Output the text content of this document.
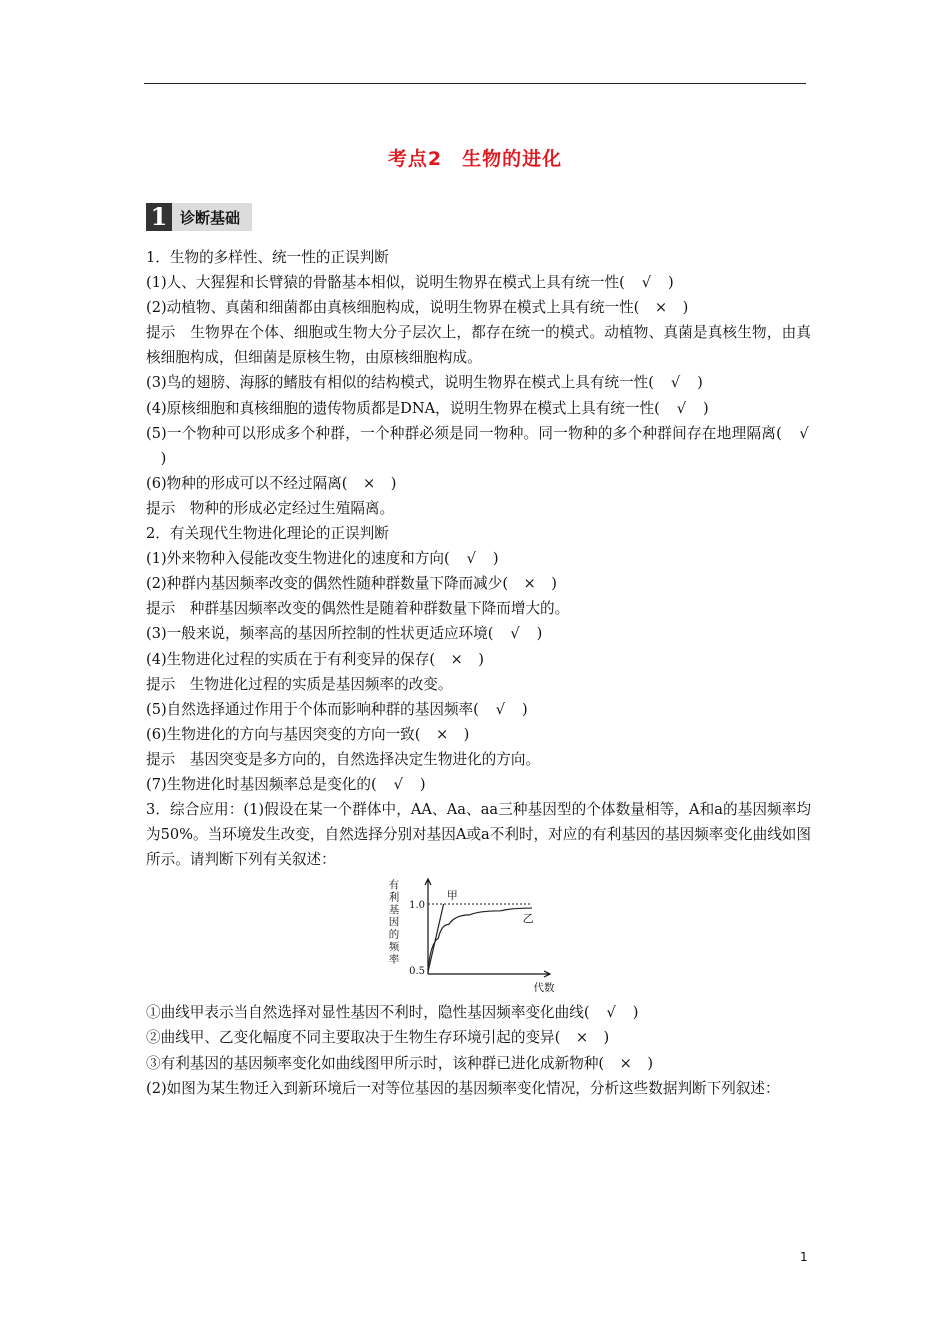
考点2　生物的进化
1 诊断基础
1．生物的多样性、统一性的正误判断
(1)人、大猩猩和长臂猿的骨骼基本相似，说明生物界在模式上具有统一性(　 √　)
(2)动植物、真菌和细菌都由真核细胞构成，说明生物界在模式上具有统一性(　 ×　)
提示　生物界在个体、细胞或生物大分子层次上，都存在统一的模式。动植物、真菌是真核生物，由真核细胞构成，但细菌是原核生物，由原核细胞构成。
(3)鸟的翅膀、海豚的鳍肢有相似的结构模式，说明生物界在模式上具有统一性(　 √　)
(4)原核细胞和真核细胞的遗传物质都是DNA，说明生物界在模式上具有统一性(　 √　)
(5)一个物种可以形成多个种群，一个种群必须是同一物种。同一物种的多个种群间存在地理隔离(　 √　)
(6)物种的形成可以不经过隔离(　 ×　)
提示　物种的形成必定经过生殖隔离。
2．有关现代生物进化理论的正误判断
(1)外来物种入侵能改变生物进化的速度和方向(　 √　)
(2)种群内基因频率改变的偶然性随种群数量下降而减少(　 ×　)
提示　种群基因频率改变的偶然性是随着种群数量下降而增大的。
(3)一般来说，频率高的基因所控制的性状更适应环境(　 √　)
(4)生物进化过程的实质在于有利变异的保存(　 ×　)
提示　生物进化过程的实质是基因频率的改变。
(5)自然选择通过作用于个体而影响种群的基因频率(　 √　)
(6)生物进化的方向与基因突变的方向一致(　 ×　)
提示　基因突变是多方向的，自然选择决定生物进化的方向。
(7)生物进化时基因频率总是变化的(　 √　)
3．综合应用：(1)假设在某一个群体中，AA、Aa、aa三种基因型的个体数量相等，A和a的基因频率均为50%。当环境发生改变，自然选择分别对基因A或a不利时，对应的有利基因的基因频率变化曲线如图所示。请判断下列有关叙述：
1.0
0.5
有
利
基
因
的
频
率
代数
甲
乙
①曲线甲表示当自然选择对显性基因不利时，隐性基因频率变化曲线(　 √　)
②曲线甲、乙变化幅度不同主要取决于生物生存环境引起的变异(　 ×　)
③有利基因的基因频率变化如曲线图甲所示时，该种群已进化成新物种(　 ×　)
(2)如图为某生物迁入到新环境后一对等位基因的基因频率变化情况，分析这些数据判断下列叙述：
1
